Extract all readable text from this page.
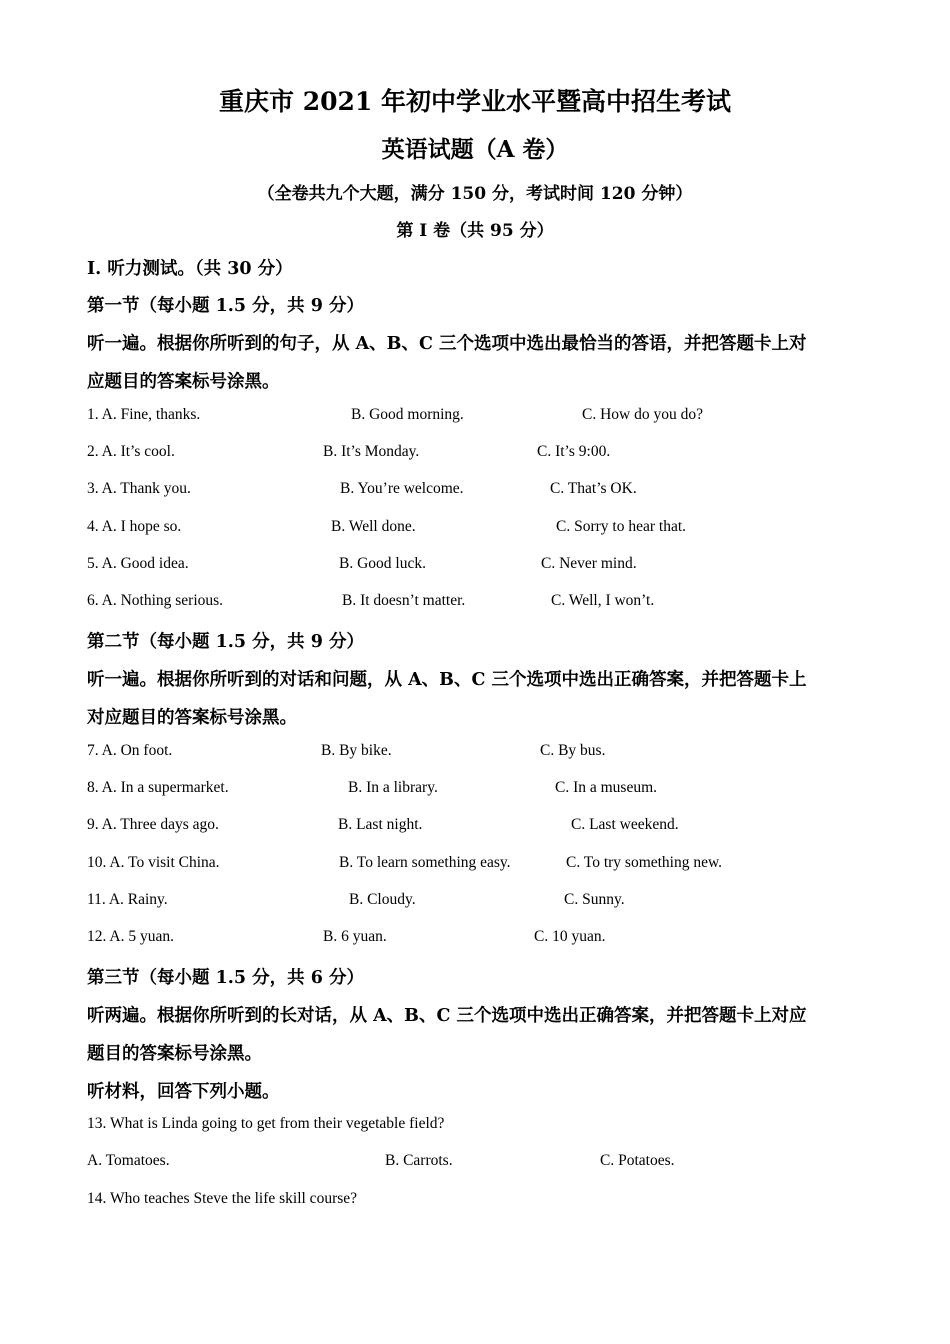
重庆市 2021 年初中学业水平暨高中招生考试
英语试题（A 卷）
（全卷共九个大题，满分 150 分，考试时间 120 分钟）
第 I 卷（共 95 分）
I. 听力测试。（共 30 分）
第一节（每小题 1.5 分，共 9 分）
听一遍。根据你所听到的句子，从 A、B、C 三个选项中选出最恰当的答语，并把答题卡上对
应题目的答案标号涂黑。
1. A. Fine, thanks.	B. Good morning.	C. How do you do?
2. A. It’s cool.	B. It’s Monday.	C. It’s 9:00.
3. A. Thank you.	B. You’re welcome.	C. That’s OK.
4. A. I hope so.	B. Well done.	C. Sorry to hear that.
5. A. Good idea.	B. Good luck.	C. Never mind.
6. A. Nothing serious.	B. It doesn’t matter.	C. Well, I won’t.
第二节（每小题 1.5 分，共 9 分）
听一遍。根据你所听到的对话和问题，从 A、B、C 三个选项中选出正确答案，并把答题卡上
对应题目的答案标号涂黑。
7. A. On foot.	B. By bike.	C. By bus.
8. A. In a supermarket.	B. In a library.	C. In a museum.
9. A. Three days ago.	B. Last night.	C. Last weekend.
10. A. To visit China.	B. To learn something easy.	C. To try something new.
11. A. Rainy.	B. Cloudy.	C. Sunny.
12. A. 5 yuan.	B. 6 yuan.	C. 10 yuan.
第三节（每小题 1.5 分，共 6 分）
听两遍。根据你所听到的长对话，从 A、B、C 三个选项中选出正确答案，并把答题卡上对应
题目的答案标号涂黑。
听材料，回答下列小题。
13. What is Linda going to get from their vegetable field?
A. Tomatoes.	B. Carrots.	C. Potatoes.
14. Who teaches Steve the life skill course?
